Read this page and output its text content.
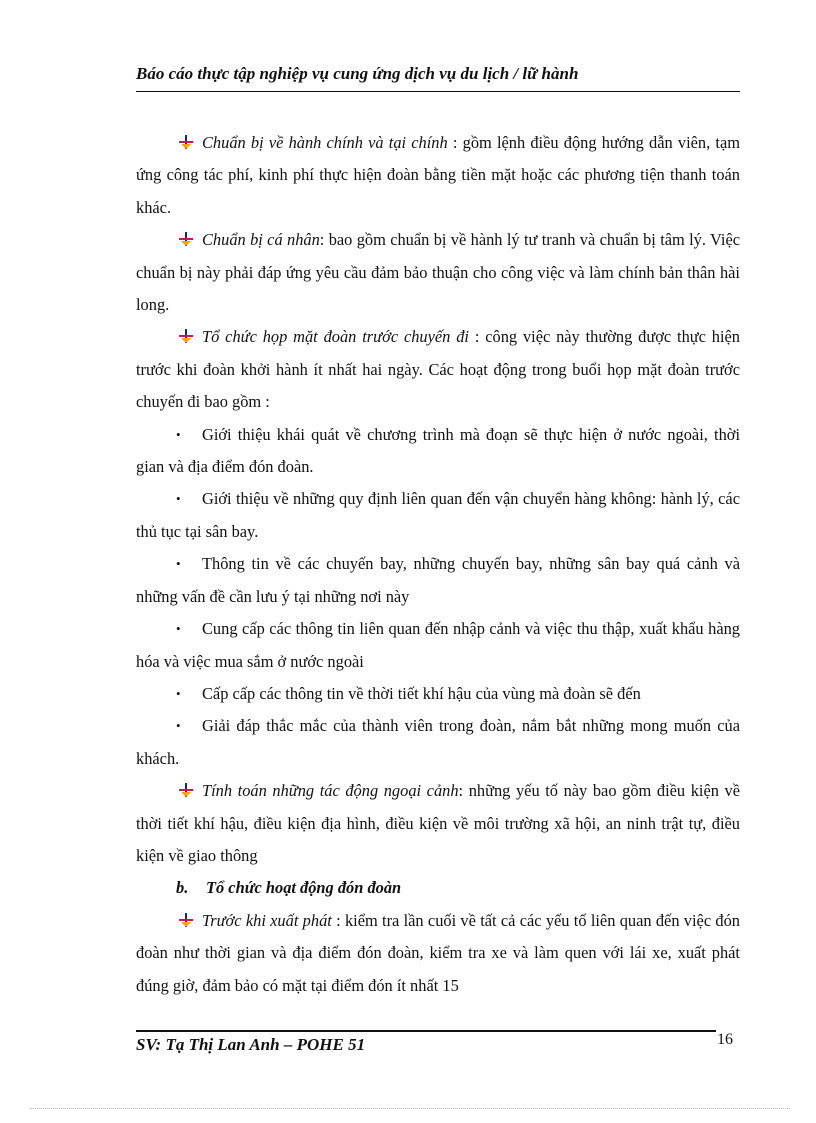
Báo cáo thực tập nghiệp vụ cung ứng dịch vụ du lịch / lữ hành

Chuẩn bị về hành chính và tại chính : gồm lệnh điều động hướng dẫn viên, tạm ứng công tác phí, kinh phí thực hiện đoàn bằng tiền mặt hoặc các phương tiện thanh toán khác.

Chuẩn bị cá nhân: bao gồm chuẩn bị về hành lý tư tranh và chuẩn bị tâm lý. Việc chuẩn bị này phải đáp ứng yêu cầu đảm bảo thuận cho công việc và làm chính bản thân hài long.

Tổ chức họp mặt đoàn trước chuyến đi : công việc này thường được thực hiện trước khi đoàn khởi hành ít nhất hai ngày. Các hoạt động trong buổi họp mặt đoàn trước chuyến đi bao gồm :

• Giới thiệu khái quát về chương trình mà đoạn sẽ thực hiện ở nước ngoài, thời gian và địa điểm đón đoàn.

• Giới thiệu về những quy định liên quan đến vận chuyển hàng không: hành lý, các thủ tục tại sân bay.

• Thông tin về các chuyến bay, những chuyến bay, những sân bay quá cảnh và những vấn đề cần lưu ý tại những nơi này

• Cung cấp các thông tin liên quan đến nhập cảnh và việc thu thập, xuất khẩu hàng hóa và việc mua sắm ở nước ngoài

• Cấp cấp các thông tin về thời tiết khí hậu của vùng mà đoàn sẽ đến

• Giải đáp thắc mắc của thành viên trong đoàn, nắm bắt những mong muốn của khách.

Tính toán những tác động ngoại cảnh: những yếu tố này bao gồm điều kiện về thời tiết khí hậu, điều kiện địa hình, điều kiện về môi trường xã hội, an ninh trật tự, điều kiện về giao thông

b. Tổ chức hoạt động đón đoàn

Trước khi xuất phát : kiểm tra lần cuối về tất cả các yếu tố liên quan đến việc đón đoàn như thời gian và địa điểm đón đoàn, kiểm tra xe và làm quen với lái xe, xuất phát đúng giờ, đảm bảo có mặt tại điểm đón ít nhất 15

SV: Tạ Thị Lan Anh – POHE 51	16
